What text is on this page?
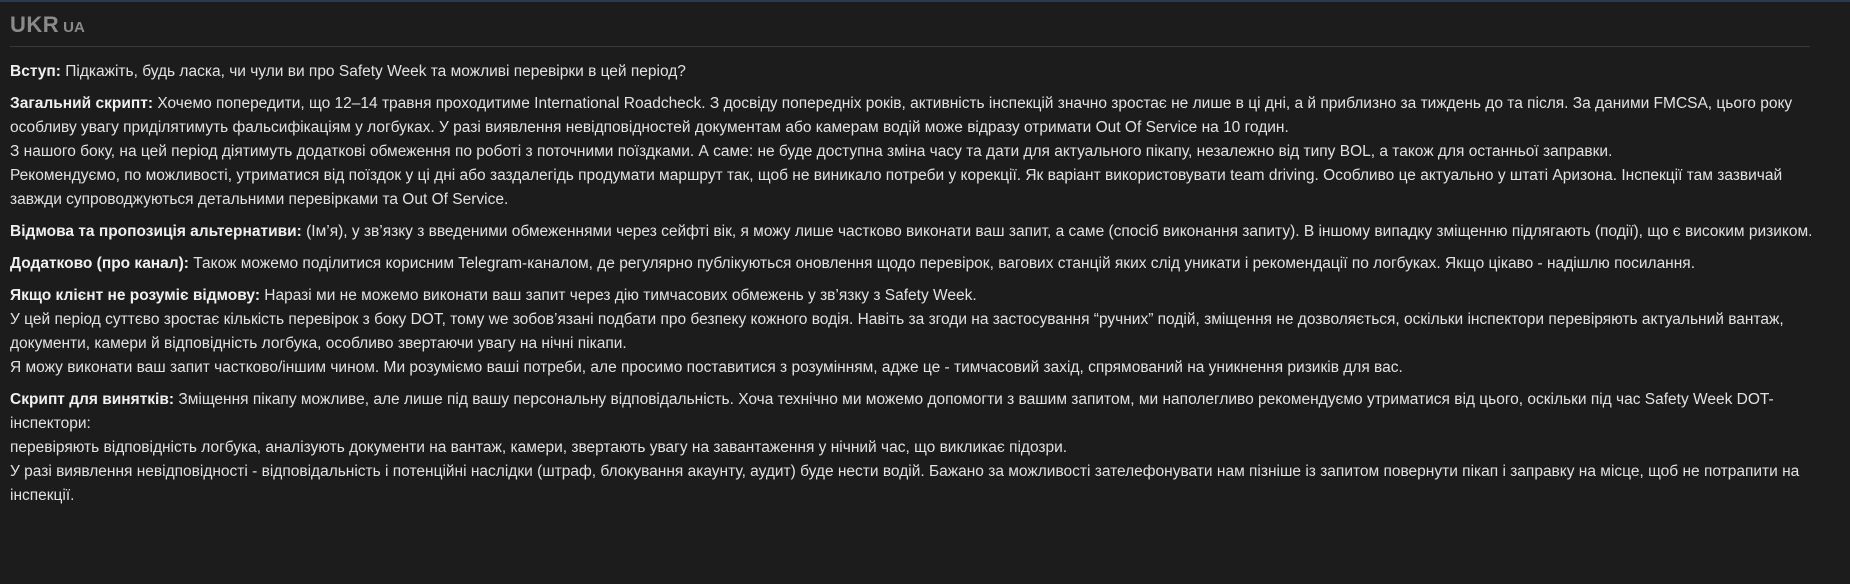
UKR UA
Вступ: Підкажіть, будь ласка, чи чули ви про Safety Week та можливі перевірки в цей період?
Загальний скрипт: Хочемо попередити, що 12–14 травня проходитиме International Roadcheck. З досвіду попередніх років, активність інспекцій значно зростає не лише в ці дні, а й приблизно за тиждень до та після. За даними FMCSA, цього року особливу увагу приділятимуть фальсифікаціям у логбуках. У разі виявлення невідповідностей документам або камерам водій може відразу отримати Out Of Service на 10 годин.
З нашого боку, на цей період діятимуть додаткові обмеження по роботі з поточними поїздками. А саме: не буде доступна зміна часу та дати для актуального пікапу, незалежно від типу BOL, а також для останньої заправки.
Рекомендуємо, по можливості, утриматися від поїздок у ці дні або заздалегідь продумати маршрут так, щоб не виникало потреби у корекції. Як варіант використовувати team driving. Особливо це актуально у штаті Аризона. Інспекції там зазвичай завжди супроводжуються детальними перевірками та Out Of Service.
Відмова та пропозиція альтернативи: (Ім’я), у зв’язку з введеними обмеженнями через сейфті вік, я можу лише частково виконати ваш запит, а саме (спосіб виконання запиту). В іншому випадку зміщенню підлягають (події), що є високим ризиком.
Додатково (про канал): Також можемо поділитися корисним Telegram-каналом, де регулярно публікуються оновлення щодо перевірок, вагових станцій яких слід уникати і рекомендації по логбуках. Якщо цікаво - надішлю посилання.
Якщо клієнт не розуміє відмову: Наразі ми не можемо виконати ваш запит через дію тимчасових обмежень у зв’язку з Safety Week.
У цей період суттєво зростає кількість перевірок з боку DOT, тому we зобов’язані подбати про безпеку кожного водія. Навіть за згоди на застосування “ручних” подій, зміщення не дозволяється, оскільки інспектори перевіряють актуальний вантаж, документи, камери й відповідність логбука, особливо звертаючи увагу на нічні пікапи.
Я можу виконати ваш запит частково/іншим чином. Ми розуміємо ваші потреби, але просимо поставитися з розумінням, адже це - тимчасовий захід, спрямований на уникнення ризиків для вас.
Скрипт для винятків: Зміщення пікапу можливе, але лише під вашу персональну відповідальність. Хоча технічно ми можемо допомогти з вашим запитом, ми наполегливо рекомендуємо утриматися від цього, оскільки під час Safety Week DOT-інспектори:
перевіряють відповідність логбука, аналізують документи на вантаж, камери, звертають увагу на завантаження у нічний час, що викликає підозри.
У разі виявлення невідповідності - відповідальність і потенційні наслідки (штраф, блокування акаунту, аудит) буде нести водій. Бажано за можливості зателефонувати нам пізніше із запитом повернути пікап і заправку на місце, щоб не потрапити на інспекції.
